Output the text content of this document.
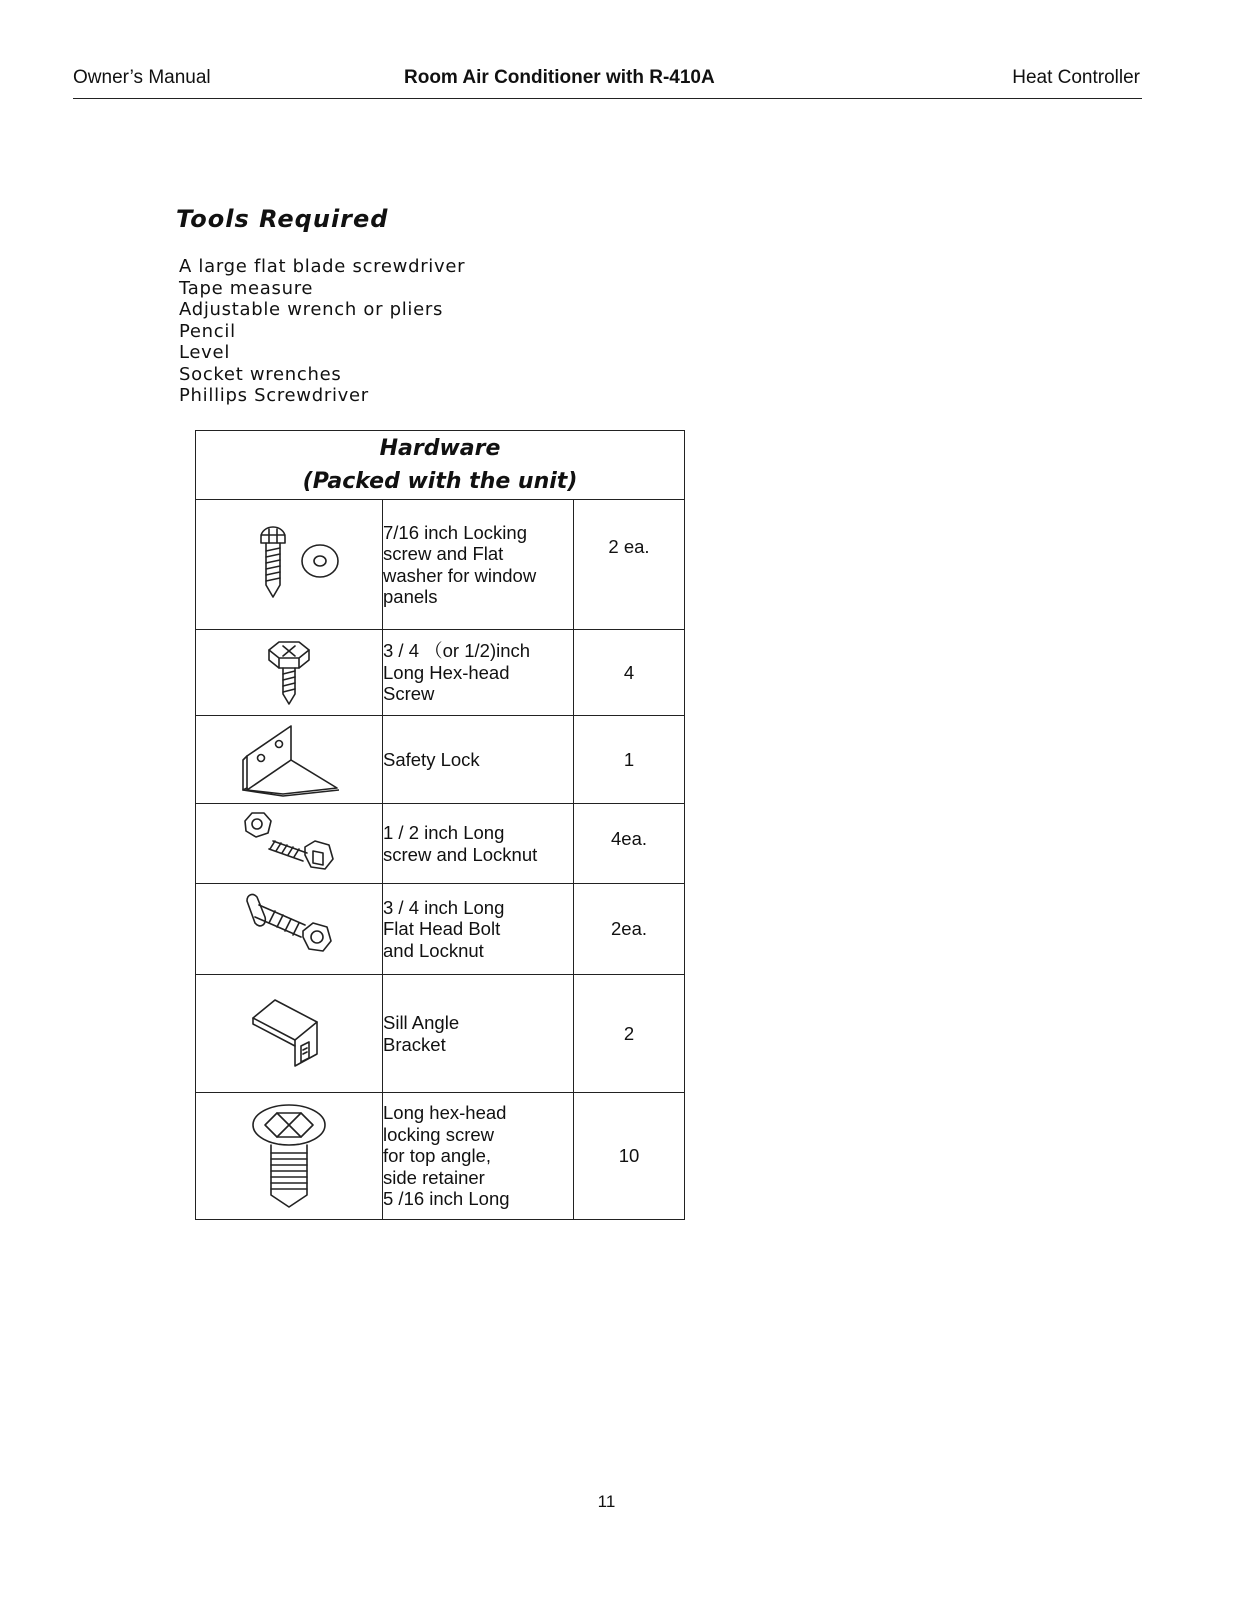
Owner’s Manual	Room Air Conditioner with R-410A	Heat Controller
Tools Required
A large flat blade screwdriver
Tape measure
Adjustable wrench or pliers
Pencil
Level
Socket wrenches
Phillips Screwdriver
Hardware
(Packed with the unit)		

7/16 inch Locking
screw and Flat
washer for window
panels	2 ea.

3 / 4 （or 1/2)inch
Long Hex-head
Screw	4

Safety Lock	1

1 / 2 inch Long
screw and Locknut	4ea.

3 / 4 inch Long
Flat Head Bolt
and Locknut	2ea.

Sill Angle
Bracket	2

Long hex-head
locking screw
for top angle,
side retainer
5 /16 inch Long	10
11
